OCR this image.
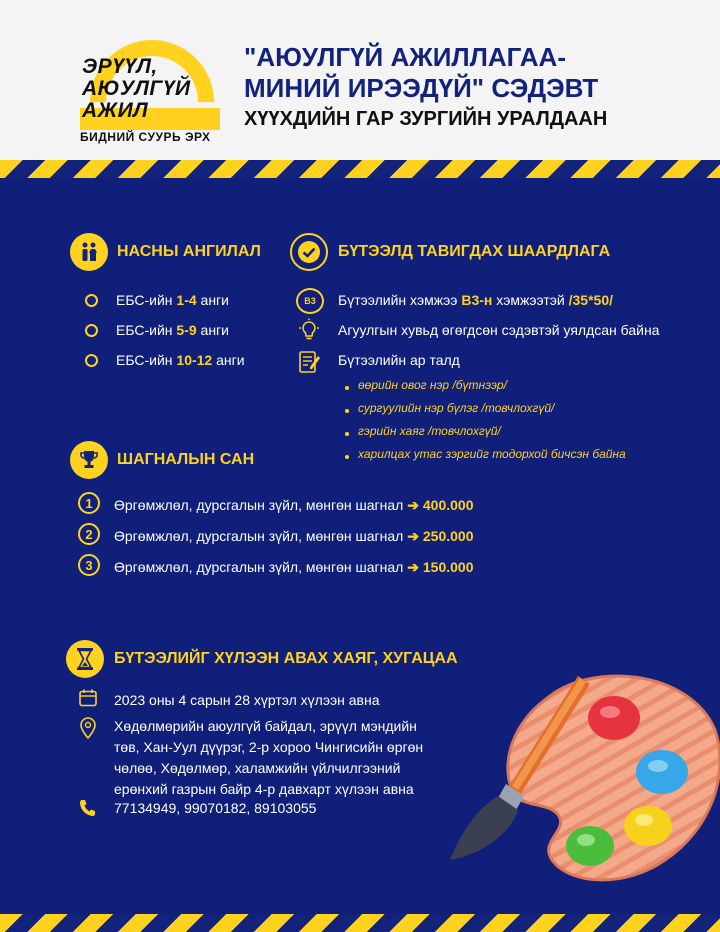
ЭРҮҮЛ,
АЮУЛГҮЙ
АЖИЛ
БИДНИЙ СУУРЬ ЭРХ
"АЮУЛГҮЙ АЖИЛЛАГАА-
МИНИЙ ИРЭЭДҮЙ" СЭДЭВТ
ХҮҮХДИЙН ГАР ЗУРГИЙН УРАЛДААН
НАСНЫ АНГИЛАЛ
ЕБС-ийн 1-4 анги
ЕБС-ийн 5-9 анги
ЕБС-ийн 10-12 анги
БҮТЭЭЛД ТАВИГДАХ ШААРДЛАГА
B3	Бүтээлийн хэмжээ B3-н хэмжээтэй /35*50/
Агуулгын хувьд өгөгдсөн сэдэвтэй уялдсан байна
Бүтээлийн ар талд
өөрийн овог нэр /бүтнээр/
сургуулийн нэр бүлэг /товчлохгүй/
гэрийн хаяг /товчлохгүй/
харилцах утас зэргийг тодорхой бичсэн байна
ШАГНАЛЫН САН
1	Өргөмжлөл, дурсгалын зүйл, мөнгөн шагнал ➔ 400.000
2	Өргөмжлөл, дурсгалын зүйл, мөнгөн шагнал ➔ 250.000
3	Өргөмжлөл, дурсгалын зүйл, мөнгөн шагнал ➔ 150.000
БҮТЭЭЛИЙГ ХҮЛЭЭН АВАХ ХАЯГ, ХУГАЦАА
2023 оны 4 сарын 28 хүртэл хүлээн авна
Хөдөлмөрийн аюулгүй байдал, эрүүл мэндийн
төв, Хан-Уул дүүрэг, 2-р хороо Чингисийн өргөн
чөлөө, Хөдөлмөр, халамжийн үйлчилгээний
ерөнхий газрын байр 4-р давхарт хүлээн авна
77134949, 99070182, 89103055
